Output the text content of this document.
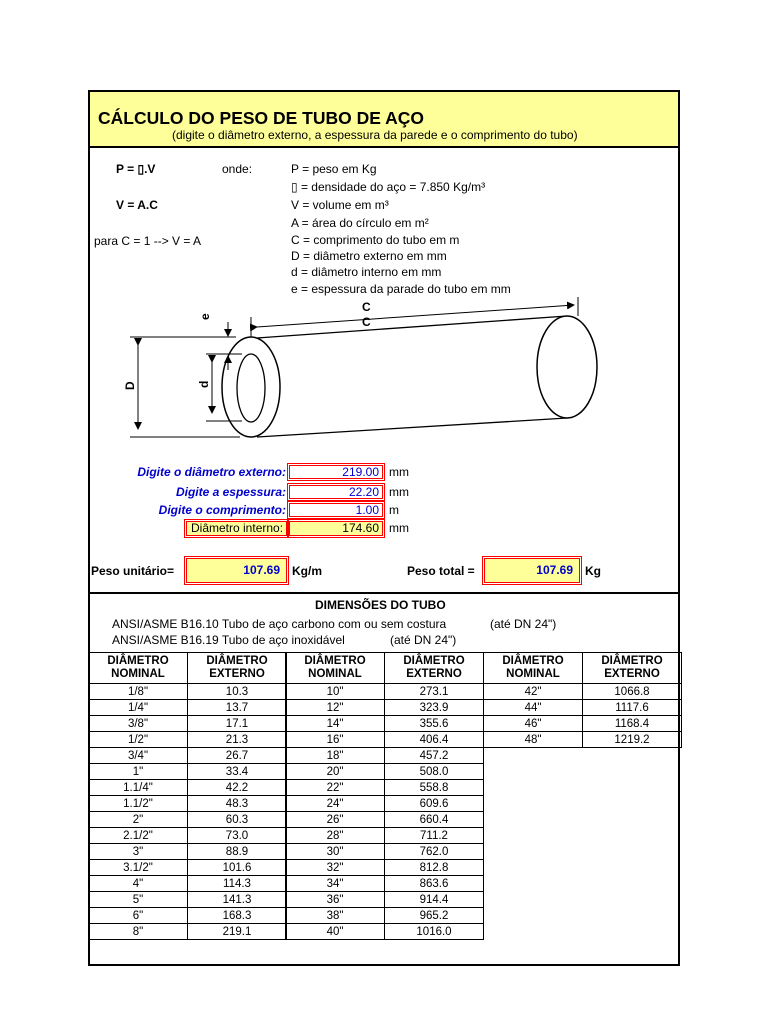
CÁLCULO DO PESO DE TUBO DE AÇO
(digite o diâmetro externo, a espessura da parede e o comprimento do tubo)
P = ▯.V
V = A.C
para C = 1 --> V = A
onde:	P = peso em Kg
▯ = densidade do aço = 7.850 Kg/m³
V = volume em m³
A = área do círculo em m²
C = comprimento do tubo em m
D = diâmetro externo em mm
d = diâmetro interno em mm
e = espessura da parade do tubo em mm
D	d
e
C
C
Digite o diâmetro externo:	219.00 mm
Digite a espessura:	22.20 mm
Digite o comprimento:	1.00 m
Diâmetro interno:	174.60 mm
Peso unitário=	107.69	Kg/m	Peso total =	107.69	Kg
DIMENSÕES DO TUBO
ANSI/ASME B16.10 Tubo de aço carbono com ou sem costura	(até DN 24")
ANSI/ASME B16.19 Tubo de aço inoxidável	(até DN 24")
DIÂMETRO NOMINAL	DIÂMETRO EXTERNO
1/8"	10.3
1/4"	13.7
3/8"	17.1
1/2"	21.3
3/4"	26.7
1"	33.4
1.1/4"	42.2
1.1/2"	48.3
2"	60.3
2.1/2"	73.0
3"	88.9
3.1/2"	101.6
4"	114.3
5"	141.3
6"	168.3
8"	219.1
DIÂMETRO NOMINAL	DIÂMETRO EXTERNO
10"	273.1
12"	323.9
14"	355.6
16"	406.4
18"	457.2
20"	508.0
22"	558.8
24"	609.6
26"	660.4
28"	711.2
30"	762.0
32"	812.8
34"	863.6
36"	914.4
38"	965.2
40"	1016.0
DIÂMETRO NOMINAL	DIÂMETRO EXTERNO
42"	1066.8
44"	1117.6
46"	1168.4
48"	1219.2
